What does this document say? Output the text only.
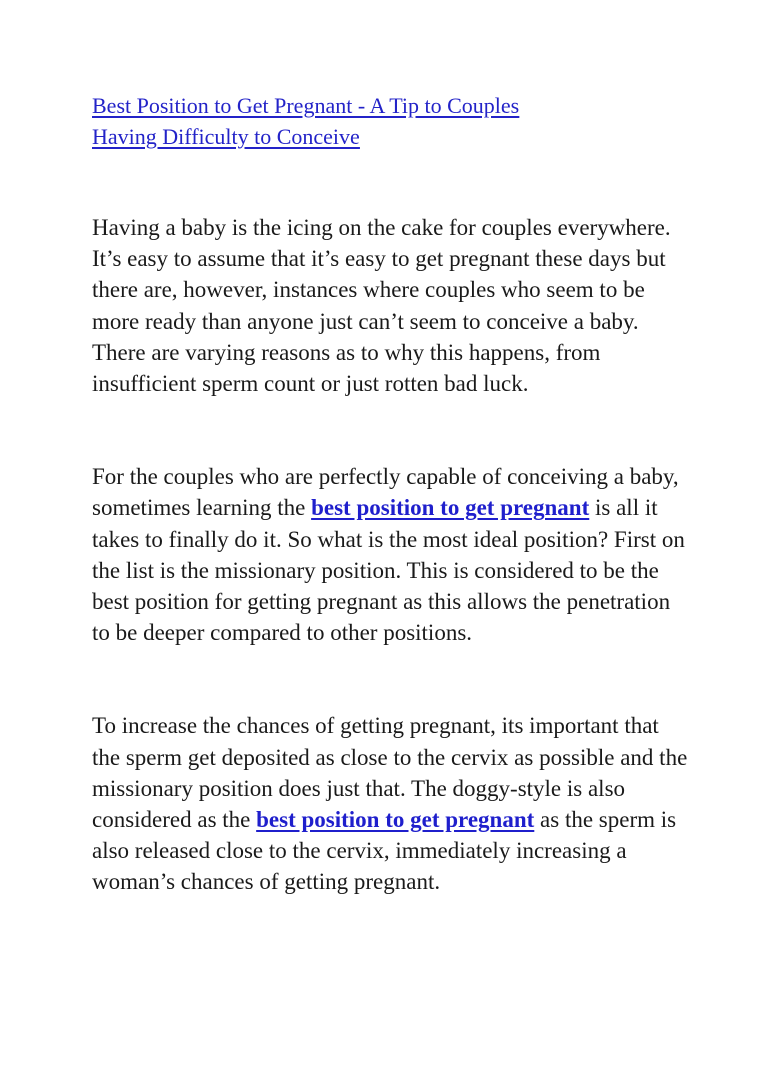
Best Position to Get Pregnant - A Tip to Couples
Having Difficulty to Conceive

Having a baby is the icing on the cake for couples everywhere. It’s easy to assume that it’s easy to get pregnant these days but there are, however, instances where couples who seem to be more ready than anyone just can’t seem to conceive a baby. There are varying reasons as to why this happens, from insufficient sperm count or just rotten bad luck.

For the couples who are perfectly capable of conceiving a baby, sometimes learning the best position to get pregnant is all it takes to finally do it. So what is the most ideal position? First on the list is the missionary position. This is considered to be the best position for getting pregnant as this allows the penetration to be deeper compared to other positions.

To increase the chances of getting pregnant, its important that the sperm get deposited as close to the cervix as possible and the missionary position does just that. The doggy-style is also considered as the best position to get pregnant as the sperm is also released close to the cervix, immediately increasing a woman’s chances of getting pregnant.
